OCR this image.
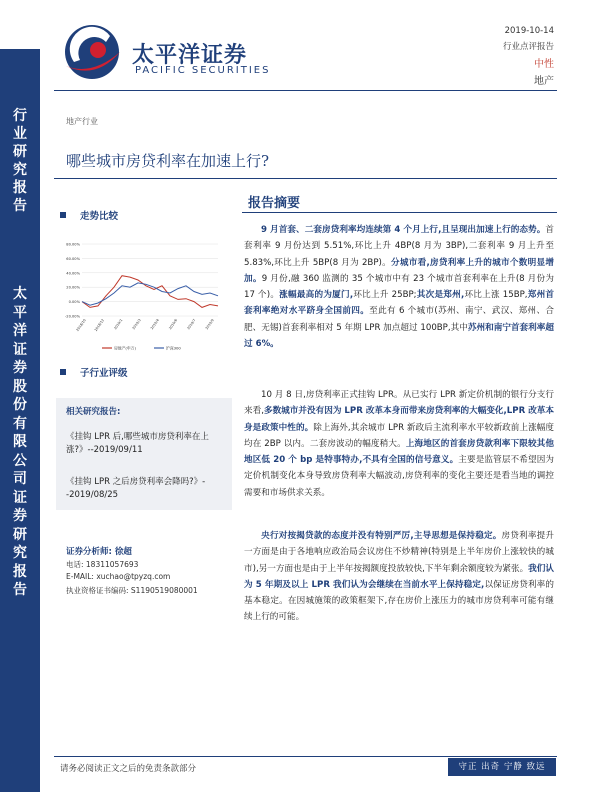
行
业
研
究
报
告
太
平
洋
证
券
股
份
有
限
公
司
证
券
研
究
报
告
太平洋证券
PACIFIC SECURITIES
2019-10-14
行业点评报告
中性
地产
地产行业
哪些城市房贷利率在加速上行?
走势比较
80.00%
60.00%
40.00%
20.00%
0.00%
-20.00%
2018/10 2018/12 2019/1 2019/3 2019/4 2019/6 2019/7 2019/9
房地产(申万)	沪深300
子行业评级
相关研究报告:
《挂钩 LPR 后,哪些城市房贷利率在上涨?》--2019/09/11
《挂钩 LPR 之后房贷利率会降吗?》--2019/08/25
证券分析师: 徐超
电话: 18311057693
E-MAIL: xuchao@tpyzq.com
执业资格证书编码: S1190519080001
报告摘要
9 月首套、二套房贷利率均连续第 4 个月上行,且呈现出加速上行的态势。首套利率 9 月份达到 5.51%,环比上升 4BP(8 月为 3BP),二套利率 9 月上升至 5.83%,环比上升 5BP(8 月为 2BP)。分城市看,房贷利率上升的城市个数明显增加。9 月份,融 360 监测的 35 个城市中有 23 个城市首套利率在上升(8 月份为 17 个)。涨幅最高的为厦门,环比上升 25BP;其次是郑州,环比上涨 15BP,郑州首套利率绝对水平跻身全国前四。至此有 6 个城市(苏州、南宁、武汉、郑州、合肥、无锡)首套利率相对 5 年期 LPR 加点超过 100BP,其中苏州和南宁首套利率超过 6%。
10 月 8 日,房贷利率正式挂钩 LPR。从已实行 LPR 新定价机制的银行分支行来看,多数城市并没有因为 LPR 改革本身而带来房贷利率的大幅变化,LPR 改革本身是政策中性的。除上海外,其余城市 LPR 新政后主流利率水平较新政前上涨幅度均在 2BP 以内。二套房波动的幅度稍大。上海地区的首套房贷款利率下限较其他地区低 20 个 bp 是特事特办,不具有全国的信号意义。主要是监管层不希望因为定价机制变化本身导致房贷利率大幅波动,房贷利率的变化主要还是看当地的调控需要和市场供求关系。
央行对按揭贷款的态度并没有特别严厉,主导思想是保持稳定。房贷利率提升一方面是由于各地响应政治局会议房住不炒精神(特别是上半年房价上涨较快的城市),另一方面也是由于上半年按揭额度投放较快,下半年剩余额度较为紧张。我们认为 5 年期及以上 LPR 我们认为会继续在当前水平上保持稳定,以保证房贷利率的基本稳定。在因城施策的政策框架下,存在房价上涨压力的城市房贷利率可能有继续上行的可能。
请务必阅读正文之后的免责条款部分	守正 出奇 宁静 致远
